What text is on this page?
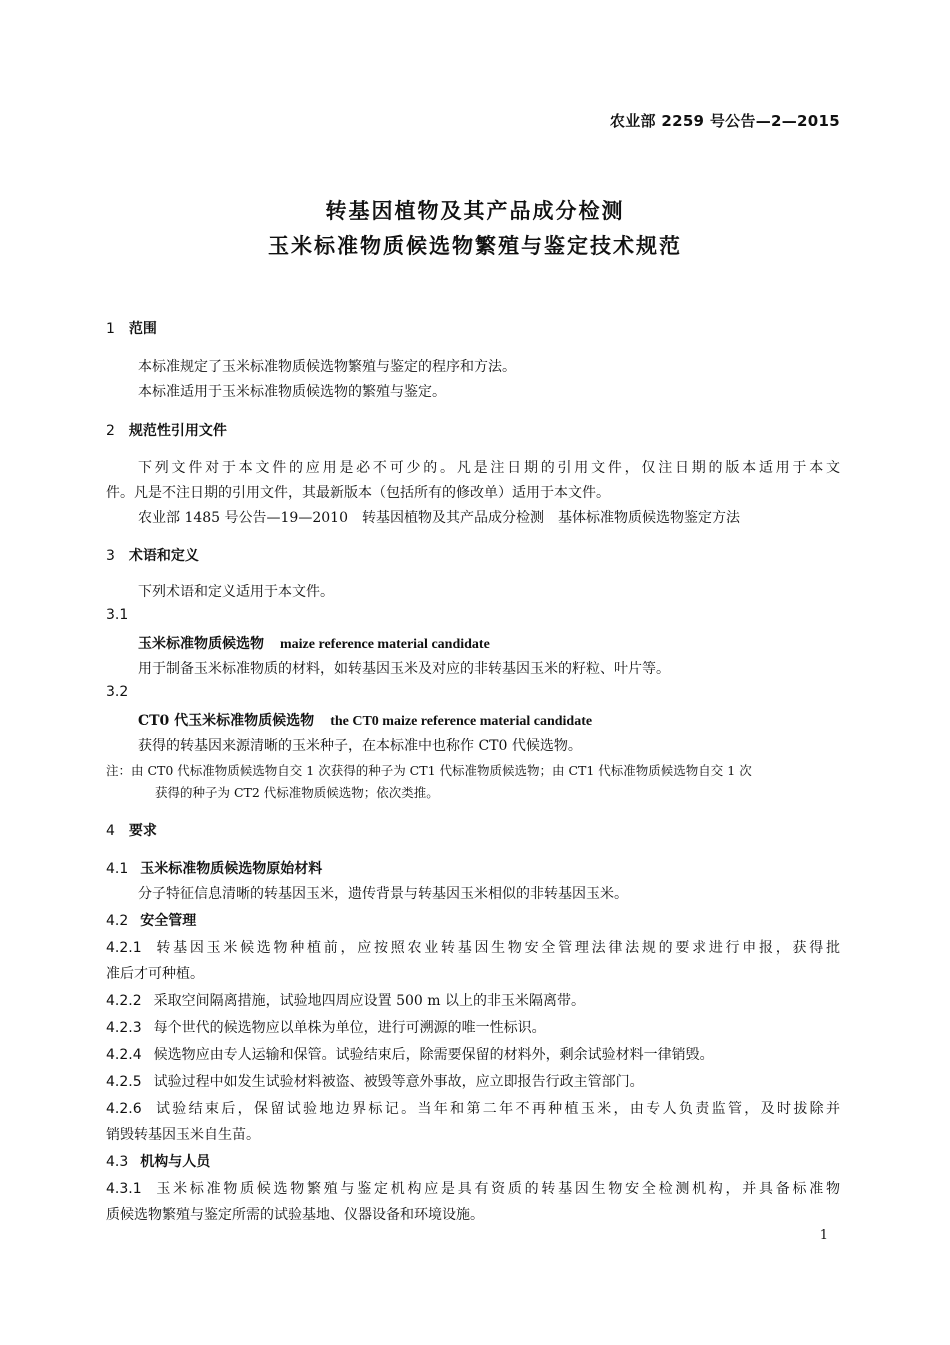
农业部 2259 号公告—2—2015
转基因植物及其产品成分检测
玉米标准物质候选物繁殖与鉴定技术规范
1 范围
本标准规定了玉米标准物质候选物繁殖与鉴定的程序和方法。
本标准适用于玉米标准物质候选物的繁殖与鉴定。
2 规范性引用文件
下列文件对于本文件的应用是必不可少的。凡是注日期的引用文件，仅注日期的版本适用于本文
件。凡是不注日期的引用文件，其最新版本（包括所有的修改单）适用于本文件。
农业部 1485 号公告—19—2010　转基因植物及其产品成分检测　基体标准物质候选物鉴定方法
3 术语和定义
下列术语和定义适用于本文件。
3.1
玉米标准物质候选物 maize reference material candidate
用于制备玉米标准物质的材料，如转基因玉米及对应的非转基因玉米的籽粒、叶片等。
3.2
CT0 代玉米标准物质候选物 the CT0 maize reference material candidate
获得的转基因来源清晰的玉米种子，在本标准中也称作 CT0 代候选物。
注：由 CT0 代标准物质候选物自交 1 次获得的种子为 CT1 代标准物质候选物；由 CT1 代标准物质候选物自交 1 次
获得的种子为 CT2 代标准物质候选物；依次类推。
4 要求
4.1 玉米标准物质候选物原始材料
分子特征信息清晰的转基因玉米，遗传背景与转基因玉米相似的非转基因玉米。
4.2 安全管理
4.2.1 转基因玉米候选物种植前，应按照农业转基因生物安全管理法律法规的要求进行申报，获得批
准后才可种植。
4.2.2 采取空间隔离措施，试验地四周应设置 500 m 以上的非玉米隔离带。
4.2.3 每个世代的候选物应以单株为单位，进行可溯源的唯一性标识。
4.2.4 候选物应由专人运输和保管。试验结束后，除需要保留的材料外，剩余试验材料一律销毁。
4.2.5 试验过程中如发生试验材料被盗、被毁等意外事故，应立即报告行政主管部门。
4.2.6 试验结束后，保留试验地边界标记。当年和第二年不再种植玉米，由专人负责监管，及时拔除并
销毁转基因玉米自生苗。
4.3 机构与人员
4.3.1 玉米标准物质候选物繁殖与鉴定机构应是具有资质的转基因生物安全检测机构，并具备标准物
质候选物繁殖与鉴定所需的试验基地、仪器设备和环境设施。
1
